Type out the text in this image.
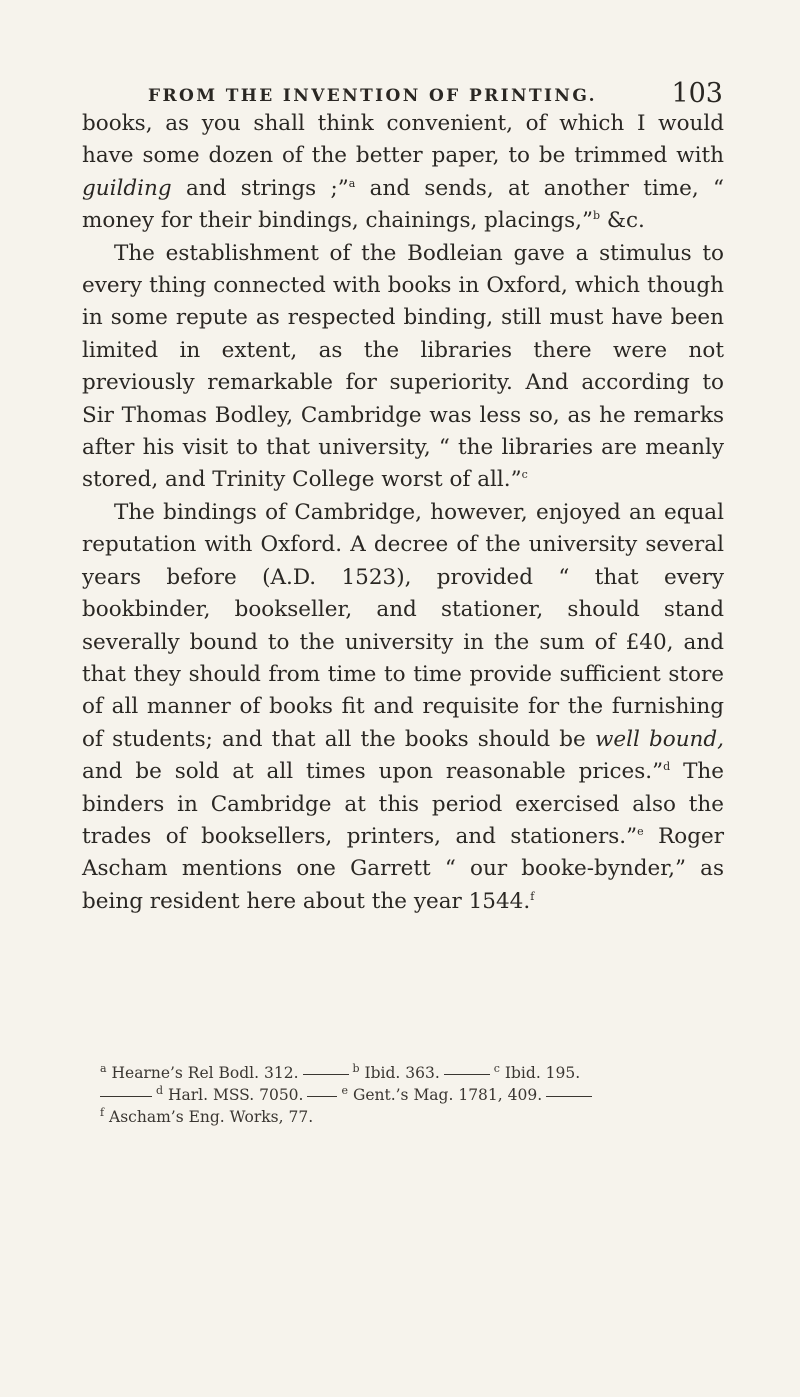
FROM THE INVENTION OF PRINTING.	103

books, as you shall think convenient, of which I would have some dozen of the better paper, to be trimmed with guilding and strings ;”$^a$ and sends, at another time, “ money for their bindings, chainings, placings,”$^b$ &c.

The establishment of the Bodleian gave a stimulus to every thing connected with books in Oxford, which though in some repute as respected binding, still must have been limited in extent, as the libraries there were not previously remarkable for superiority. And according to Sir Thomas Bodley, Cambridge was less so, as he remarks after his visit to that university, “ the libraries are meanly stored, and Trinity College worst of all.”$^c$

The bindings of Cambridge, however, enjoyed an equal reputation with Oxford. A decree of the university several years before (A.D. 1523), provided “ that every bookbinder, bookseller, and stationer, should stand severally bound to the university in the sum of £40, and that they should from time to time provide sufficient store of all manner of books fit and requisite for the furnishing of students; and that all the books should be well bound, and be sold at all times upon reasonable prices.”$^d$ The binders in Cambridge at this period exercised also the trades of booksellers, printers, and stationers.”$^e$ Roger Ascham mentions one Garrett “ our booke-bynder,” as being resident here about the year 1544.$^f$

$^a$ Hearne’s Rel Bodl. 312.	$^b$ Ibid. 363.	$^c$ Ibid. 195.
$^d$ Harl. MSS. 7050.	$^e$ Gent.’s Mag. 1781, 409.
$^f$ Ascham’s Eng. Works, 77.
